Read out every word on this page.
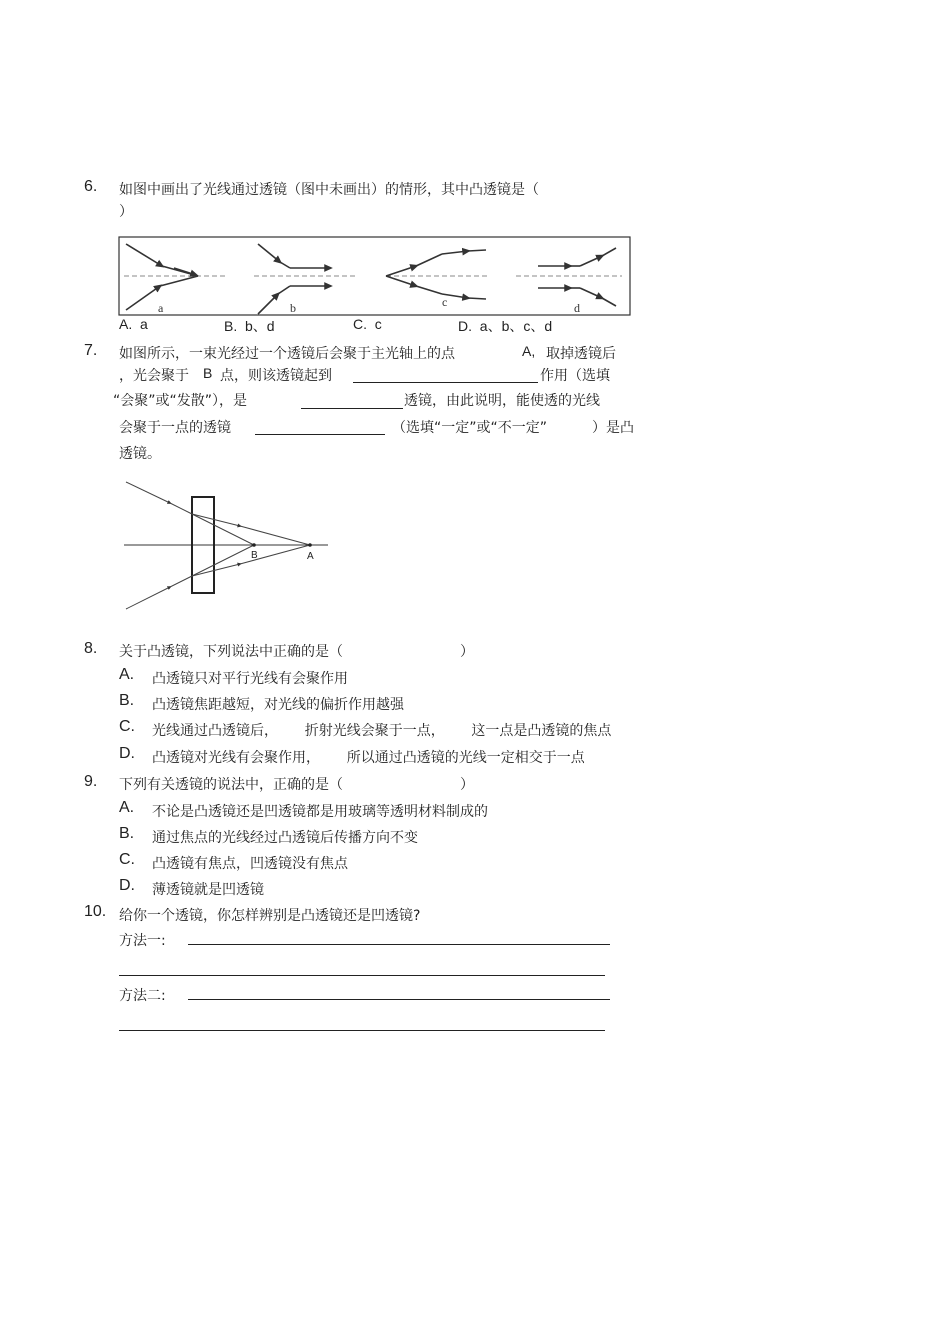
6. 如图中画出了光线通过透镜（图中未画出）的情形，其中凸透镜是（
）
a	b	c	d
A. a	B. b、d	C. c	D. a、b、c、d
7. 如图所示，一束光经过一个透镜后会聚于主光轴上的点	A, 取掉透镜后
，光会聚于 B 点，则该透镜起到	作用（选填
“会聚”或“发散”），是	透镜，由此说明，能使透的光线
会聚于一点的透镜	（选填“一定”或“不一定”	）是凸
透镜。
B	A
8. 关于凸透镜，下列说法中正确的是（	）
A. 凸透镜只对平行光线有会聚作用
B. 凸透镜焦距越短，对光线的偏折作用越强
C. 光线通过凸透镜后，      折射光线会聚于一点，      这一点是凸透镜的焦点
D. 凸透镜对光线有会聚作用，      所以通过凸透镜的光线一定相交于一点
9. 下列有关透镜的说法中，正确的是（	）
A. 不论是凸透镜还是凹透镜都是用玻璃等透明材料制成的
B. 通过焦点的光线经过凸透镜后传播方向不变
C. 凸透镜有焦点，凹透镜没有焦点
D. 薄透镜就是凹透镜
10. 给你一个透镜，你怎样辨别是凸透镜还是凹透镜?
方法一:
方法二:
